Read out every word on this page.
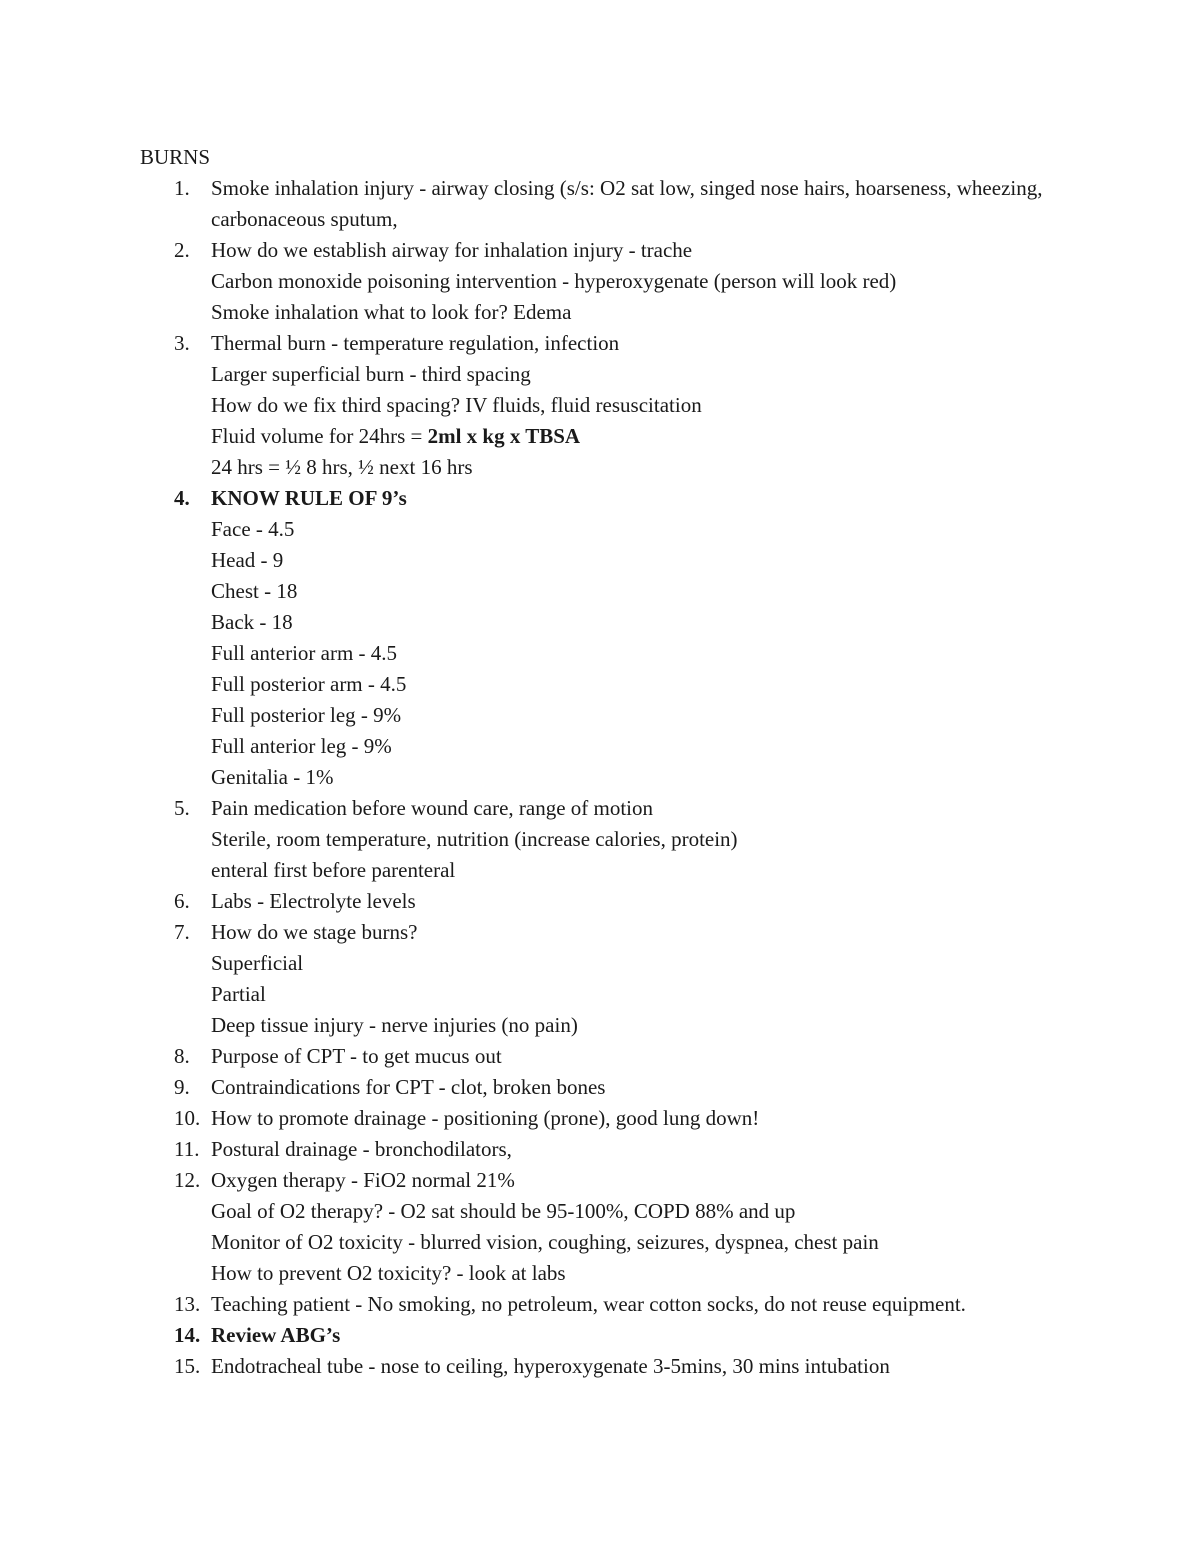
BURNS
1. Smoke inhalation injury - airway closing (s/s: O2 sat low, singed nose hairs, hoarseness, wheezing, carbonaceous sputum,
2. How do we establish airway for inhalation injury - trache
Carbon monoxide poisoning intervention - hyperoxygenate (person will look red)
Smoke inhalation what to look for? Edema
3. Thermal burn - temperature regulation, infection
Larger superficial burn - third spacing
How do we fix third spacing? IV fluids, fluid resuscitation
Fluid volume for 24hrs = 2ml x kg x TBSA
24 hrs = ½ 8 hrs, ½ next 16 hrs
4. KNOW RULE OF 9’s
Face - 4.5
Head - 9
Chest - 18
Back - 18
Full anterior arm - 4.5
Full posterior arm - 4.5
Full posterior leg - 9%
Full anterior leg - 9%
Genitalia - 1%
5. Pain medication before wound care, range of motion
Sterile, room temperature, nutrition (increase calories, protein)
enteral first before parenteral
6. Labs - Electrolyte levels
7. How do we stage burns?
Superficial
Partial
Deep tissue injury - nerve injuries (no pain)
8. Purpose of CPT - to get mucus out
9. Contraindications for CPT - clot, broken bones
10. How to promote drainage - positioning (prone), good lung down!
11. Postural drainage - bronchodilators,
12. Oxygen therapy - FiO2 normal 21%
Goal of O2 therapy? - O2 sat should be 95-100%, COPD 88% and up
Monitor of O2 toxicity - blurred vision, coughing, seizures, dyspnea, chest pain
How to prevent O2 toxicity? - look at labs
13. Teaching patient - No smoking, no petroleum, wear cotton socks, do not reuse equipment.
14. Review ABG’s
15. Endotracheal tube - nose to ceiling, hyperoxygenate 3-5mins, 30 mins intubation
